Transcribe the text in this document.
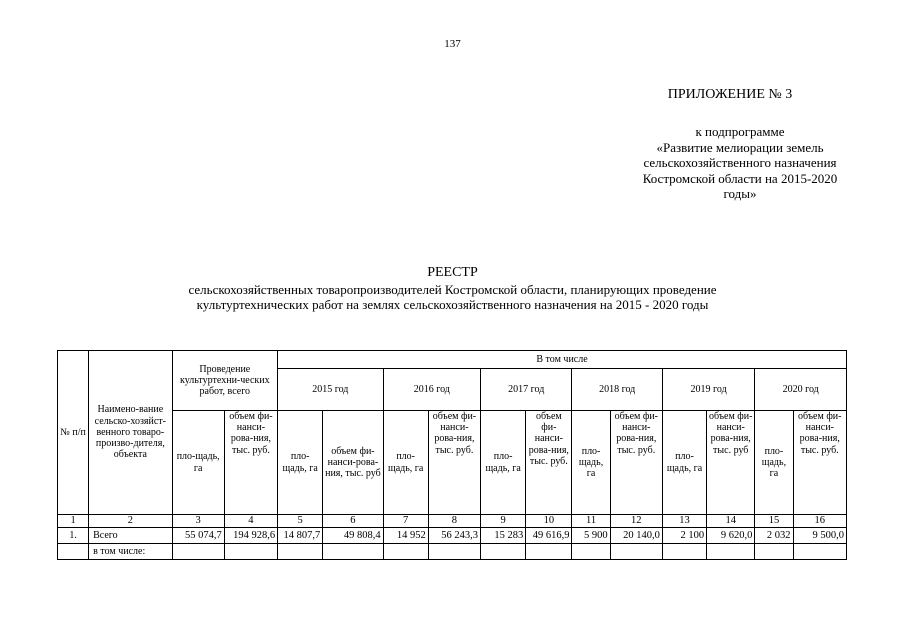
137
ПРИЛОЖЕНИЕ № 3
к подпрограмме
«Развитие мелиорации земель
сельскохозяйственного назначения
Костромской области на 2015-2020
годы»
РЕЕСТР
сельскохозяйственных товаропроизводителей Костромской области, планирующих проведение
культуртехнических работ на землях сельскохозяйственного назначения на 2015 - 2020 годы
№ п/п	Наимено-вание сельско-хозяйст-венного товаро-произво-дителя, объекта	Проведение культуртехни-ческих работ, всего		В том числе											
				2015 год		2016 год		2017 год		2018 год		2019 год		2020 год	
		пло-щадь, га	объем фи-нанси-рова-ния, тыс. руб.	пло-щадь, га	объем фи-нанси-рова-ния, тыс. руб	пло-щадь, га	объем фи-нанси-рова-ния, тыс. руб.	пло-щадь, га	объем фи-нанси-рова-ния, тыс. руб.	пло-щадь, га	объем фи-нанси-рова-ния, тыс. руб.	пло-щадь, га	объем фи-нанси-рова-ния, тыс. руб	пло-щадь, га	объем фи-нанси-рова-ния, тыс. руб.
1	2	3	4	5	6	7	8	9	10	11	12	13	14	15	16
1.	Всего	55 074,7	194 928,6	14 807,7	49 808,4	14 952	56 243,3	15 283	49 616,9	5 900	20 140,0	2 100	9 620,0	2 032	9 500,0
	в том числе:														
